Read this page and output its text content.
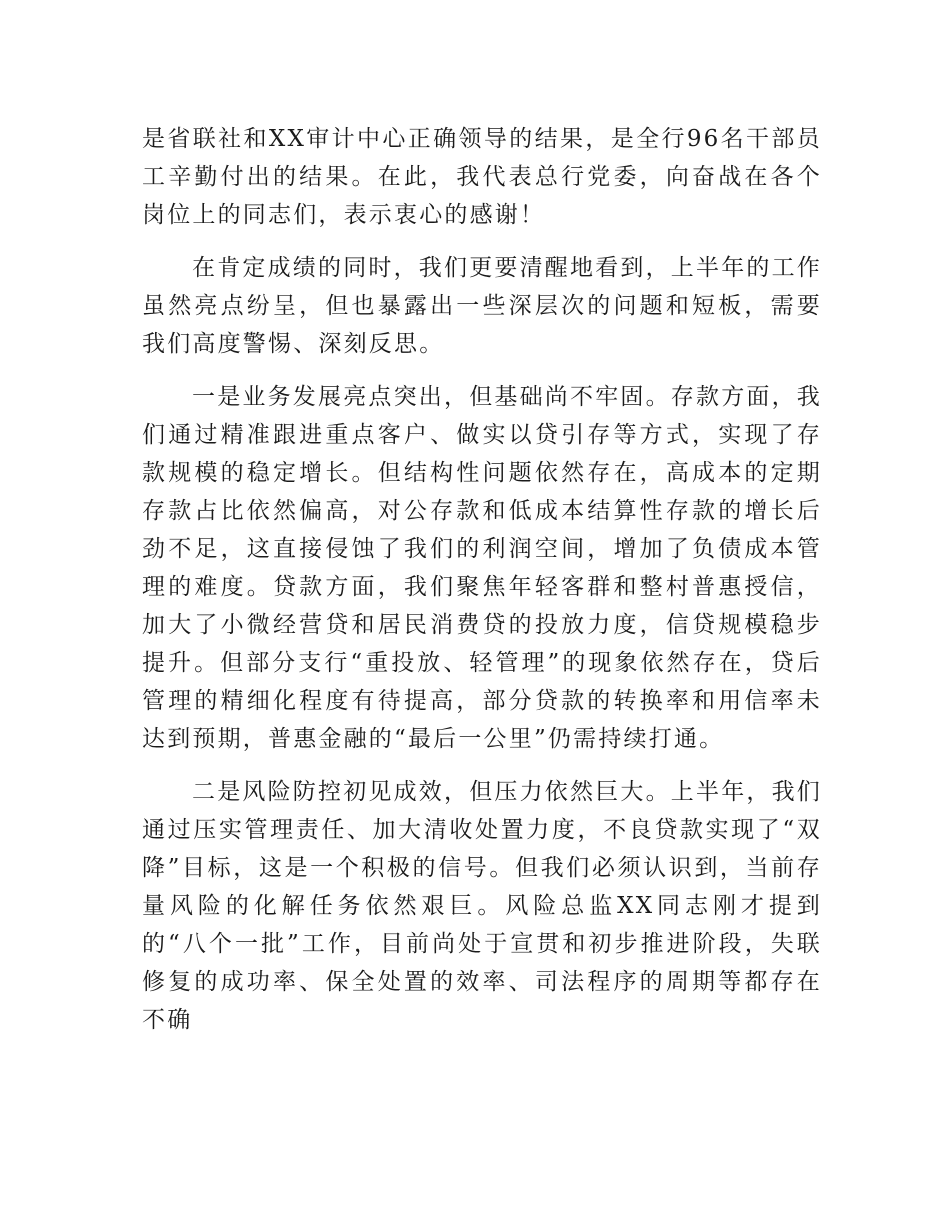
是省联社和XX审计中心正确领导的结果，是全行96名干部员工辛勤付出的结果。在此，我代表总行党委，向奋战在各个岗位上的同志们，表示衷心的感谢！

在肯定成绩的同时，我们更要清醒地看到，上半年的工作虽然亮点纷呈，但也暴露出一些深层次的问题和短板，需要我们高度警惕、深刻反思。

一是业务发展亮点突出，但基础尚不牢固。存款方面，我们通过精准跟进重点客户、做实以贷引存等方式，实现了存款规模的稳定增长。但结构性问题依然存在，高成本的定期存款占比依然偏高，对公存款和低成本结算性存款的增长后劲不足，这直接侵蚀了我们的利润空间，增加了负债成本管理的难度。贷款方面，我们聚焦年轻客群和整村普惠授信，加大了小微经营贷和居民消费贷的投放力度，信贷规模稳步提升。但部分支行“重投放、轻管理”的现象依然存在，贷后管理的精细化程度有待提高，部分贷款的转换率和用信率未达到预期，普惠金融的“最后一公里”仍需持续打通。

二是风险防控初见成效，但压力依然巨大。上半年，我们通过压实管理责任、加大清收处置力度，不良贷款实现了“双降”目标，这是一个积极的信号。但我们必须认识到，当前存量风险的化解任务依然艰巨。风险总监XX同志刚才提到的“八个一批”工作，目前尚处于宣贯和初步推进阶段，失联修复的成功率、保全处置的效率、司法程序的周期等都存在不确
